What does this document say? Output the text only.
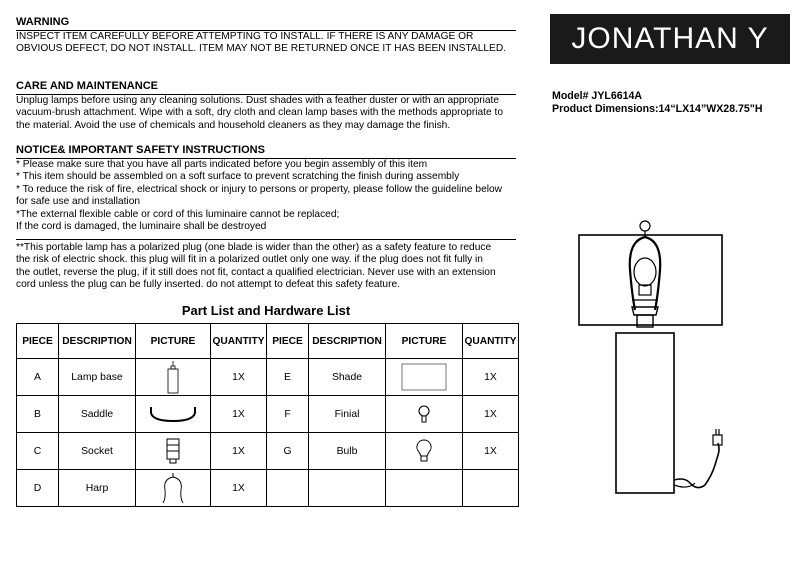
WARNING
INSPECT ITEM CAREFULLY BEFORE ATTEMPTING TO INSTALL. IF THERE IS ANY DAMAGE OR
OBVIOUS DEFECT, DO NOT INSTALL. ITEM MAY NOT BE RETURNED ONCE IT HAS BEEN INSTALLED.
CARE AND MAINTENANCE
Unplug lamps before using any cleaning solutions. Dust shades with a feather duster or with an appropriate
vacuum-brush attachment. Wipe with a soft, dry cloth and clean lamp bases with the methods appropriate to
the material. Avoid the use of chemicals and household cleaners as they may damage the finish.
NOTICE& IMPORTANT SAFETY INSTRUCTIONS
* Please make sure that you have all parts indicated before you begin assembly of this item
* This item should be assembled on a soft surface to prevent scratching the finish during assembly
* To reduce the risk of fire, electrical shock or injury to persons or property, please follow the guideline below
for safe use and installation
*The external flexible cable or cord of this luminaire cannot be replaced;
If the cord is damaged, the luminaire shall be destroyed
**This portable lamp has a polarized plug (one blade is wider than the other) as a safety feature to reduce
the risk of electric shock. this plug will fit in a polarized outlet only one way. if the plug does not fit fully in
the outlet, reverse the plug, if it still does not fit, contact a qualified electrician. Never use with an extension
cord unless the plug can be fully inserted. do not attempt to defeat this safety feature.
JONATHAN Y
Model# JYL6614A
Product Dimensions:14“LX14”WX28.75"H
Part List and Hardware List
PIECE	DESCRIPTION	PICTURE	QUANTITY	PIECE	DESCRIPTION	PICTURE	QUANTITY
A	Lamp base		1X	E	Shade		1X
B	Saddle		1X	F	Finial		1X
C	Socket		1X	G	Bulb		1X
D	Harp		1X				
